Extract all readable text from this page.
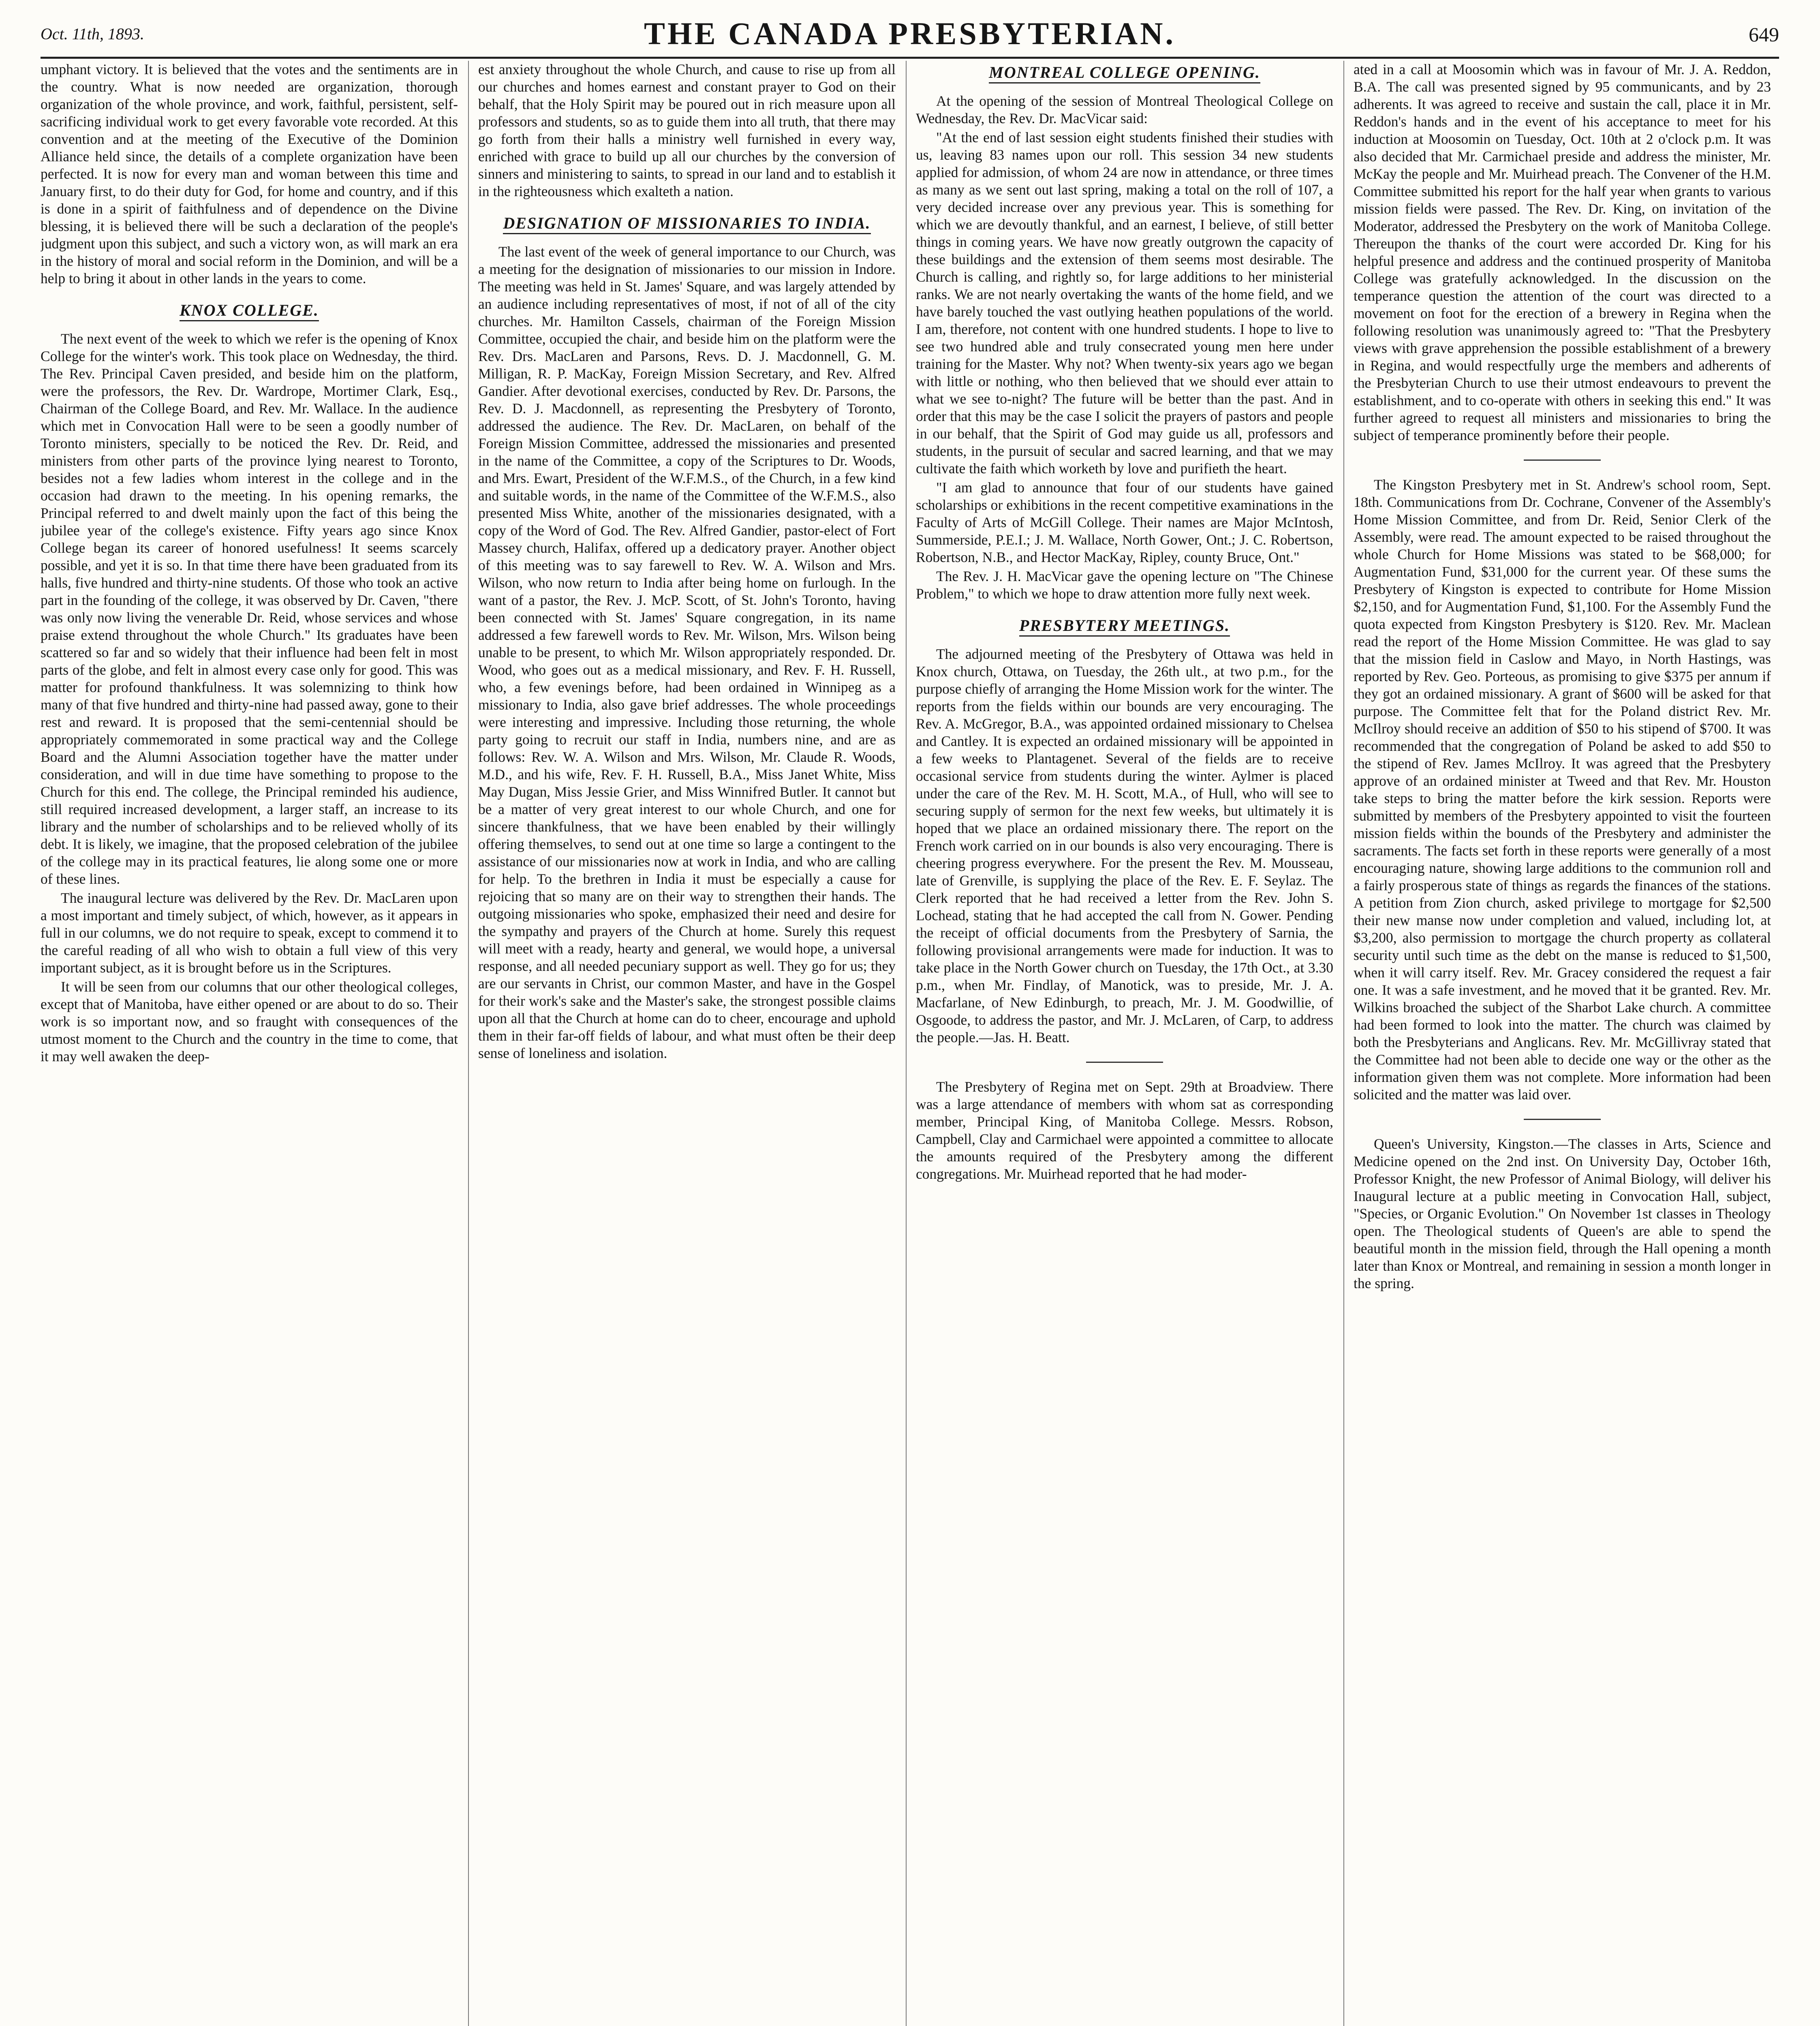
Oct. 11th, 1893.	THE CANADA PRESBYTERIAN.	649

umphant victory. It is believed that the votes and the sentiments are in the country. What is now needed are organization, thorough organization of the whole province, and work, faithful, persistent, self-sacrificing individual work to get every favorable vote recorded. At this convention and at the meeting of the Executive of the Dominion Alliance held since, the details of a complete organization have been perfected. It is now for every man and woman between this time and January first, to do their duty for God, for home and country, and if this is done in a spirit of faithfulness and of dependence on the Divine blessing, it is believed there will be such a declaration of the people's judgment upon this subject, and such a victory won, as will mark an era in the history of moral and social reform in the Dominion, and will be a help to bring it about in other lands in the years to come.

KNOX COLLEGE.

The next event of the week to which we refer is the opening of Knox College for the winter's work. This took place on Wednesday, the third. The Rev. Principal Caven presided, and beside him on the platform, were the professors, the Rev. Dr. Wardrope, Mortimer Clark, Esq., Chairman of the College Board, and Rev. Mr. Wallace. In the audience which met in Convocation Hall were to be seen a goodly number of Toronto ministers, specially to be noticed the Rev. Dr. Reid, and ministers from other parts of the province lying nearest to Toronto, besides not a few ladies whom interest in the college and in the occasion had drawn to the meeting. In his opening remarks, the Principal referred to and dwelt mainly upon the fact of this being the jubilee year of the college's existence. Fifty years ago since Knox College began its career of honored usefulness! It seems scarcely possible, and yet it is so. In that time there have been graduated from its halls, five hundred and thirty-nine students. Of those who took an active part in the founding of the college, it was observed by Dr. Caven, "there was only now living the venerable Dr. Reid, whose services and whose praise extend throughout the whole Church." Its graduates have been scattered so far and so widely that their influence had been felt in most parts of the globe, and felt in almost every case only for good. This was matter for profound thankfulness. It was solemnizing to think how many of that five hundred and thirty-nine had passed away, gone to their rest and reward. It is proposed that the semi-centennial should be appropriately commemorated in some practical way and the College Board and the Alumni Association together have the matter under consideration, and will in due time have something to propose to the Church for this end. The college, the Principal reminded his audience, still required increased development, a larger staff, an increase to its library and the number of scholarships and to be relieved wholly of its debt. It is likely, we imagine, that the proposed celebration of the jubilee of the college may in its practical features, lie along some one or more of these lines.

The inaugural lecture was delivered by the Rev. Dr. MacLaren upon a most important and timely subject, of which, however, as it appears in full in our columns, we do not require to speak, except to commend it to the careful reading of all who wish to obtain a full view of this very important subject, as it is brought before us in the Scriptures.

It will be seen from our columns that our other theological colleges, except that of Manitoba, have either opened or are about to do so. Their work is so important now, and so fraught with consequences of the utmost moment to the Church and the country in the time to come, that it may well awaken the deep-

est anxiety throughout the whole Church, and cause to rise up from all our churches and homes earnest and constant prayer to God on their behalf, that the Holy Spirit may be poured out in rich measure upon all professors and students, so as to guide them into all truth, that there may go forth from their halls a ministry well furnished in every way, enriched with grace to build up all our churches by the conversion of sinners and ministering to saints, to spread in our land and to establish it in the righteousness which exalteth a nation.

DESIGNATION OF MISSIONARIES TO INDIA.

The last event of the week of general importance to our Church, was a meeting for the designation of missionaries to our mission in Indore. The meeting was held in St. James' Square, and was largely attended by an audience including representatives of most, if not of all of the city churches. Mr. Hamilton Cassels, chairman of the Foreign Mission Committee, occupied the chair, and beside him on the platform were the Rev. Drs. MacLaren and Parsons, Revs. D. J. Macdonnell, G. M. Milligan, R. P. MacKay, Foreign Mission Secretary, and Rev. Alfred Gandier. After devotional exercises, conducted by Rev. Dr. Parsons, the Rev. D. J. Macdonnell, as representing the Presbytery of Toronto, addressed the audience. The Rev. Dr. MacLaren, on behalf of the Foreign Mission Committee, addressed the missionaries and presented in the name of the Committee, a copy of the Scriptures to Dr. Woods, and Mrs. Ewart, President of the W.F.M.S., of the Church, in a few kind and suitable words, in the name of the Committee of the W.F.M.S., also presented Miss White, another of the missionaries designated, with a copy of the Word of God. The Rev. Alfred Gandier, pastor-elect of Fort Massey church, Halifax, offered up a dedicatory prayer. Another object of this meeting was to say farewell to Rev. W. A. Wilson and Mrs. Wilson, who now return to India after being home on furlough. In the want of a pastor, the Rev. J. McP. Scott, of St. John's Toronto, having been connected with St. James' Square congregation, in its name addressed a few farewell words to Rev. Mr. Wilson, Mrs. Wilson being unable to be present, to which Mr. Wilson appropriately responded. Dr. Wood, who goes out as a medical missionary, and Rev. F. H. Russell, who, a few evenings before, had been ordained in Winnipeg as a missionary to India, also gave brief addresses. The whole proceedings were interesting and impressive. Including those returning, the whole party going to recruit our staff in India, numbers nine, and are as follows: Rev. W. A. Wilson and Mrs. Wilson, Mr. Claude R. Woods, M.D., and his wife, Rev. F. H. Russell, B.A., Miss Janet White, Miss May Dugan, Miss Jessie Grier, and Miss Winnifred Butler. It cannot but be a matter of very great interest to our whole Church, and one for sincere thankfulness, that we have been enabled by their willingly offering themselves, to send out at one time so large a contingent to the assistance of our missionaries now at work in India, and who are calling for help. To the brethren in India it must be especially a cause for rejoicing that so many are on their way to strengthen their hands. The outgoing missionaries who spoke, emphasized their need and desire for the sympathy and prayers of the Church at home. Surely this request will meet with a ready, hearty and general, we would hope, a universal response, and all needed pecuniary support as well. They go for us; they are our servants in Christ, our common Master, and have in the Gospel for their work's sake and the Master's sake, the strongest possible claims upon all that the Church at home can do to cheer, encourage and uphold them in their far-off fields of labour, and what must often be their deep sense of loneliness and isolation.

MONTREAL COLLEGE OPENING.

At the opening of the session of Montreal Theological College on Wednesday, the Rev. Dr. MacVicar said:

"At the end of last session eight students finished their studies with us, leaving 83 names upon our roll. This session 34 new students applied for admission, of whom 24 are now in attendance, or three times as many as we sent out last spring, making a total on the roll of 107, a very decided increase over any previous year. This is something for which we are devoutly thankful, and an earnest, I believe, of still better things in coming years. We have now greatly outgrown the capacity of these buildings and the extension of them seems most desirable. The Church is calling, and rightly so, for large additions to her ministerial ranks. We are not nearly overtaking the wants of the home field, and we have barely touched the vast outlying heathen populations of the world. I am, therefore, not content with one hundred students. I hope to live to see two hundred able and truly consecrated young men here under training for the Master. Why not? When twenty-six years ago we began with little or nothing, who then believed that we should ever attain to what we see to-night? The future will be better than the past. And in order that this may be the case I solicit the prayers of pastors and people in our behalf, that the Spirit of God may guide us all, professors and students, in the pursuit of secular and sacred learning, and that we may cultivate the faith which worketh by love and purifieth the heart.

"I am glad to announce that four of our students have gained scholarships or exhibitions in the recent competitive examinations in the Faculty of Arts of McGill College. Their names are Major McIntosh, Summerside, P.E.I.; J. M. Wallace, North Gower, Ont.; J. C. Robertson, Robertson, N.B., and Hector MacKay, Ripley, county Bruce, Ont."

The Rev. J. H. MacVicar gave the opening lecture on "The Chinese Problem," to which we hope to draw attention more fully next week.

PRESBYTERY MEETINGS.

The adjourned meeting of the Presbytery of Ottawa was held in Knox church, Ottawa, on Tuesday, the 26th ult., at two p.m., for the purpose chiefly of arranging the Home Mission work for the winter. The reports from the fields within our bounds are very encouraging. The Rev. A. McGregor, B.A., was appointed ordained missionary to Chelsea and Cantley. It is expected an ordained missionary will be appointed in a few weeks to Plantagenet. Several of the fields are to receive occasional service from students during the winter. Aylmer is placed under the care of the Rev. M. H. Scott, M.A., of Hull, who will see to securing supply of sermon for the next few weeks, but ultimately it is hoped that we place an ordained missionary there. The report on the French work carried on in our bounds is also very encouraging. There is cheering progress everywhere. For the present the Rev. M. Mousseau, late of Grenville, is supplying the place of the Rev. E. F. Seylaz. The Clerk reported that he had received a letter from the Rev. John S. Lochead, stating that he had accepted the call from N. Gower. Pending the receipt of official documents from the Presbytery of Sarnia, the following provisional arrangements were made for induction. It was to take place in the North Gower church on Tuesday, the 17th Oct., at 3.30 p.m., when Mr. Findlay, of Manotick, was to preside, Mr. J. A. Macfarlane, of New Edinburgh, to preach, Mr. J. M. Goodwillie, of Osgoode, to address the pastor, and Mr. J. McLaren, of Carp, to address the people.—Jas. H. Beatt.

The Presbytery of Regina met on Sept. 29th at Broadview. There was a large attendance of members with whom sat as corresponding member, Principal King, of Manitoba College. Messrs. Robson, Campbell, Clay and Carmichael were appointed a committee to allocate the amounts required of the Presbytery among the different congregations. Mr. Muirhead reported that he had moder-

ated in a call at Moosomin which was in favour of Mr. J. A. Reddon, B.A. The call was presented signed by 95 communicants, and by 23 adherents. It was agreed to receive and sustain the call, place it in Mr. Reddon's hands and in the event of his acceptance to meet for his induction at Moosomin on Tuesday, Oct. 10th at 2 o'clock p.m. It was also decided that Mr. Carmichael preside and address the minister, Mr. McKay the people and Mr. Muirhead preach. The Convener of the H.M. Committee submitted his report for the half year when grants to various mission fields were passed. The Rev. Dr. King, on invitation of the Moderator, addressed the Presbytery on the work of Manitoba College. Thereupon the thanks of the court were accorded Dr. King for his helpful presence and address and the continued prosperity of Manitoba College was gratefully acknowledged. In the discussion on the temperance question the attention of the court was directed to a movement on foot for the erection of a brewery in Regina when the following resolution was unanimously agreed to: "That the Presbytery views with grave apprehension the possible establishment of a brewery in Regina, and would respectfully urge the members and adherents of the Presbyterian Church to use their utmost endeavours to prevent the establishment, and to co-operate with others in seeking this end." It was further agreed to request all ministers and missionaries to bring the subject of temperance prominently before their people.

The Kingston Presbytery met in St. Andrew's school room, Sept. 18th. Communications from Dr. Cochrane, Convener of the Assembly's Home Mission Committee, and from Dr. Reid, Senior Clerk of the Assembly, were read. The amount expected to be raised throughout the whole Church for Home Missions was stated to be $68,000; for Augmentation Fund, $31,000 for the current year. Of these sums the Presbytery of Kingston is expected to contribute for Home Mission $2,150, and for Augmentation Fund, $1,100. For the Assembly Fund the quota expected from Kingston Presbytery is $120. Rev. Mr. Maclean read the report of the Home Mission Committee. He was glad to say that the mission field in Caslow and Mayo, in North Hastings, was reported by Rev. Geo. Porteous, as promising to give $375 per annum if they got an ordained missionary. A grant of $600 will be asked for that purpose. The Committee felt that for the Poland district Rev. Mr. McIlroy should receive an addition of $50 to his stipend of $700. It was recommended that the congregation of Poland be asked to add $50 to the stipend of Rev. James McIlroy. It was agreed that the Presbytery approve of an ordained minister at Tweed and that Rev. Mr. Houston take steps to bring the matter before the kirk session. Reports were submitted by members of the Presbytery appointed to visit the fourteen mission fields within the bounds of the Presbytery and administer the sacraments. The facts set forth in these reports were generally of a most encouraging nature, showing large additions to the communion roll and a fairly prosperous state of things as regards the finances of the stations. A petition from Zion church, asked privilege to mortgage for $2,500 their new manse now under completion and valued, including lot, at $3,200, also permission to mortgage the church property as collateral security until such time as the debt on the manse is reduced to $1,500, when it will carry itself. Rev. Mr. Gracey considered the request a fair one. It was a safe investment, and he moved that it be granted. Rev. Mr. Wilkins broached the subject of the Sharbot Lake church. A committee had been formed to look into the matter. The church was claimed by both the Presbyterians and Anglicans. Rev. Mr. McGillivray stated that the Committee had not been able to decide one way or the other as the information given them was not complete. More information had been solicited and the matter was laid over.

Queen's University, Kingston.—The classes in Arts, Science and Medicine opened on the 2nd inst. On University Day, October 16th, Professor Knight, the new Professor of Animal Biology, will deliver his Inaugural lecture at a public meeting in Convocation Hall, subject, "Species, or Organic Evolution." On November 1st classes in Theology open. The Theological students of Queen's are able to spend the beautiful month in the mission field, through the Hall opening a month later than Knox or Montreal, and remaining in session a month longer in the spring.
